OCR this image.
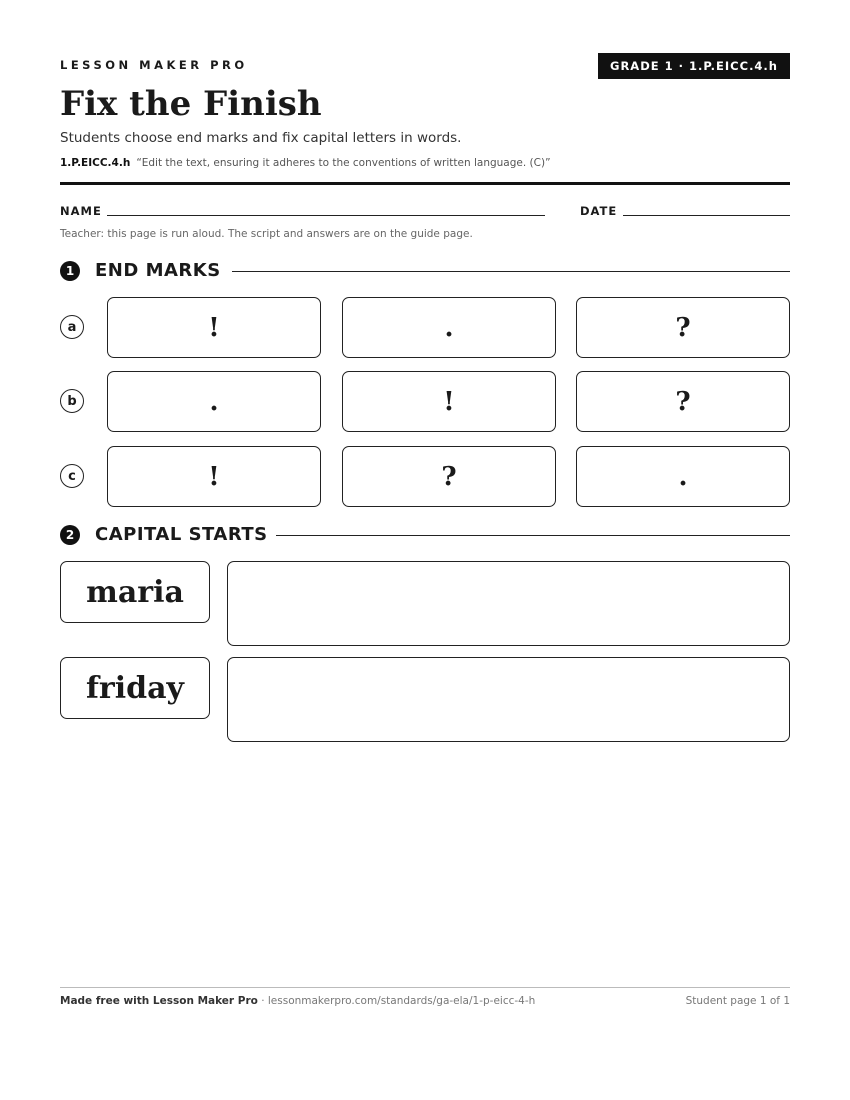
LESSON MAKER PRO	GRADE 1 · 1.P.EICC.4.h
Fix the Finish
Students choose end marks and fix capital letters in words.
1.P.EICC.4.h “Edit the text, ensuring it adheres to the conventions of written language. (C)”
NAME	DATE
Teacher: this page is run aloud. The script and answers are on the guide page.
1	END MARKS
a	!	.	?
b	.	!	?
c	!	?	.
2	CAPITAL STARTS
maria
friday
Made free with Lesson Maker Pro · lessonmakerpro.com/standards/ga-ela/1-p-eicc-4-h	Student page 1 of 1
